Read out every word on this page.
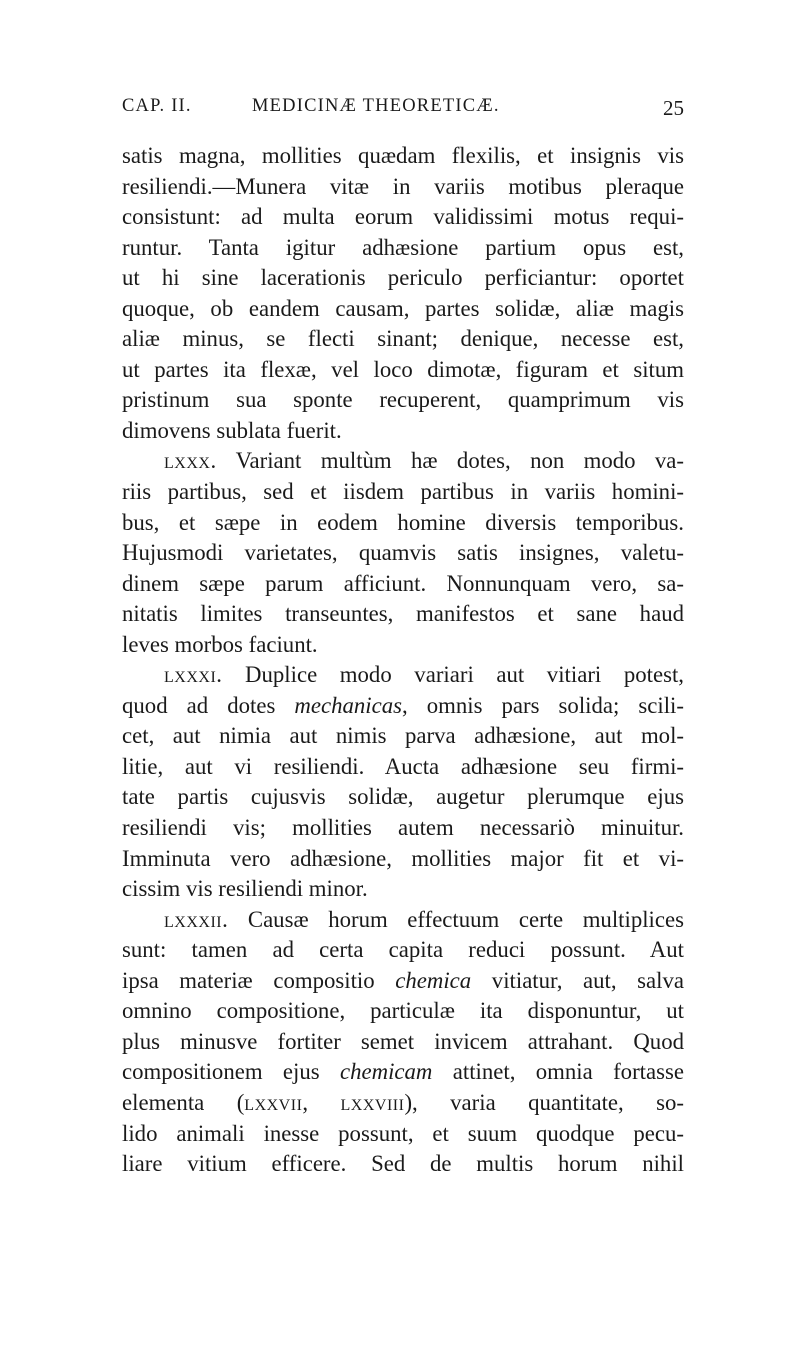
CAP. II.	MEDICINÆ THEORETICÆ.	25
satis magna, mollities quædam flexilis, et insignis vis
resiliendi.—Munera vitæ in variis motibus pleraque
consistunt: ad multa eorum validissimi motus requi-
runtur. Tanta igitur adhæsione partium opus est,
ut hi sine lacerationis periculo perficiantur: oportet
quoque, ob eandem causam, partes solidæ, aliæ magis
aliæ minus, se flecti sinant; denique, necesse est,
ut partes ita flexæ, vel loco dimotæ, figuram et situm
pristinum sua sponte recuperent, quamprimum vis
dimovens sublata fuerit.
lxxx. Variant multùm hæ dotes, non modo va-
riis partibus, sed et iisdem partibus in variis homini-
bus, et sæpe in eodem homine diversis temporibus.
Hujusmodi varietates, quamvis satis insignes, valetu-
dinem sæpe parum afficiunt. Nonnunquam vero, sa-
nitatis limites transeuntes, manifestos et sane haud
leves morbos faciunt.
lxxxi. Duplice modo variari aut vitiari potest,
quod ad dotes mechanicas, omnis pars solida; scili-
cet, aut nimia aut nimis parva adhæsione, aut mol-
litie, aut vi resiliendi. Aucta adhæsione seu firmi-
tate partis cujusvis solidæ, augetur plerumque ejus
resiliendi vis; mollities autem necessariò minuitur.
Imminuta vero adhæsione, mollities major fit et vi-
cissim vis resiliendi minor.
lxxxii. Causæ horum effectuum certe multiplices
sunt: tamen ad certa capita reduci possunt. Aut
ipsa materiæ compositio chemica vitiatur, aut, salva
omnino compositione, particulæ ita disponuntur, ut
plus minusve fortiter semet invicem attrahant. Quod
compositionem ejus chemicam attinet, omnia fortasse
elementa (lxxvii, lxxviii), varia quantitate, so-
lido animali inesse possunt, et suum quodque pecu-
liare vitium efficere. Sed de multis horum nihil
